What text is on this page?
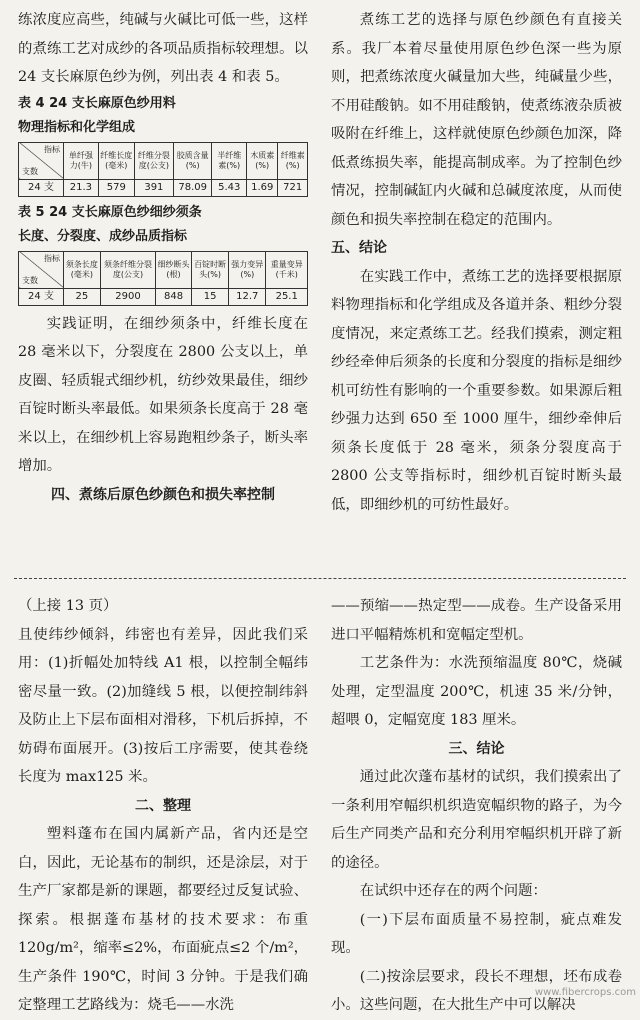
练浓度应高些，纯碱与火碱比可低一些，这样的煮练工艺对成纱的各项品质指标较理想。以 24 支长麻原色纱为例，列出表 4 和表 5。

表 4 24 支长麻原色纱用料

物理指标和化学组成

指标
支数	单纤强力(牛)	纤维长度(毫米)	纤维分裂度(公支)	胶质含量(%)	半纤维素(%)	木质素(%)	纤维素(%)
24 支	21.3	579	391	78.09	5.43	1.69	721

表 5 24 支长麻原色纱细纱须条

长度、分裂度、成纱品质指标

指标
支数	须条长度(毫米)	须条纤维分裂度(公支)	细纱断头(根)	百锭时断头(%)	强力变异(%)	重量变异(千米)
24 支	25	2900	848	15	12.7	25.1

实践证明，在细纱须条中，纤维长度在 28 毫米以下，分裂度在 2800 公支以上，单皮圈、轻质辊式细纱机，纺纱效果最佳，细纱百锭时断头率最低。如果须条长度高于 28 毫米以上，在细纱机上容易跑粗纱条子，断头率增加。

四、煮练后原色纱颜色和损失率控制

煮练工艺的选择与原色纱颜色有直接关系。我厂本着尽量使用原色纱色深一些为原则，把煮练浓度火碱量加大些，纯碱量少些，不用硅酸钠。如不用硅酸钠，使煮练液杂质被吸附在纤维上，这样就使原色纱颜色加深，降低煮练损失率，能提高制成率。为了控制色纱情况，控制碱缸内火碱和总碱度浓度，从而使颜色和损失率控制在稳定的范围内。

五、结论

在实践工作中，煮练工艺的选择要根据原料物理指标和化学组成及各道并条、粗纱分裂度情况，来定煮练工艺。经我们摸索，测定粗纱经牵伸后须条的长度和分裂度的指标是细纱机可纺性有影响的一个重要参数。如果源后粗纱强力达到 650 至 1000 厘牛，细纱牵伸后须条长度低于 28 毫米，须条分裂度高于 2800 公支等指标时，细纱机百锭时断头最低，即细纱机的可纺性最好。

（上接 13 页）

且使纬纱倾斜，纬密也有差异，因此我们采用：(1)折幅处加特线 A1 根，以控制全幅纬密尽量一致。(2)加缝线 5 根，以便控制纬斜及防止上下层布面相对滑移，下机后拆掉，不妨碍布面展开。(3)按后工序需要，使其卷绕长度为 max125 米。

二、整理

塑料蓬布在国内属新产品，省内还是空白，因此，无论基布的制织，还是涂层，对于生产厂家都是新的课题，都要经过反复试验、探索。根据蓬布基材的技术要求：布重 120g/m²，缩率≤2%，布面疵点≤2 个/m²，生产条件 190℃，时间 3 分钟。于是我们确定整理工艺路线为：烧毛——水洗

——预缩——热定型——成卷。生产设备采用进口平幅精炼机和宽幅定型机。

工艺条件为：水洗预缩温度 80℃，烧碱处理，定型温度 200℃，机速 35 米/分钟，超喂 0，定幅宽度 183 厘米。

三、结论

通过此次蓬布基材的试织，我们摸索出了一条利用窄幅织机织造宽幅织物的路子，为今后生产同类产品和充分利用窄幅织机开辟了新的途径。

在试织中还存在的两个问题：

(一)下层布面质量不易控制，疵点难发现。

(二)按涂层要求，段长不理想，坯布成卷小。这些问题，在大批生产中可以解决

www.fibercrops.com
